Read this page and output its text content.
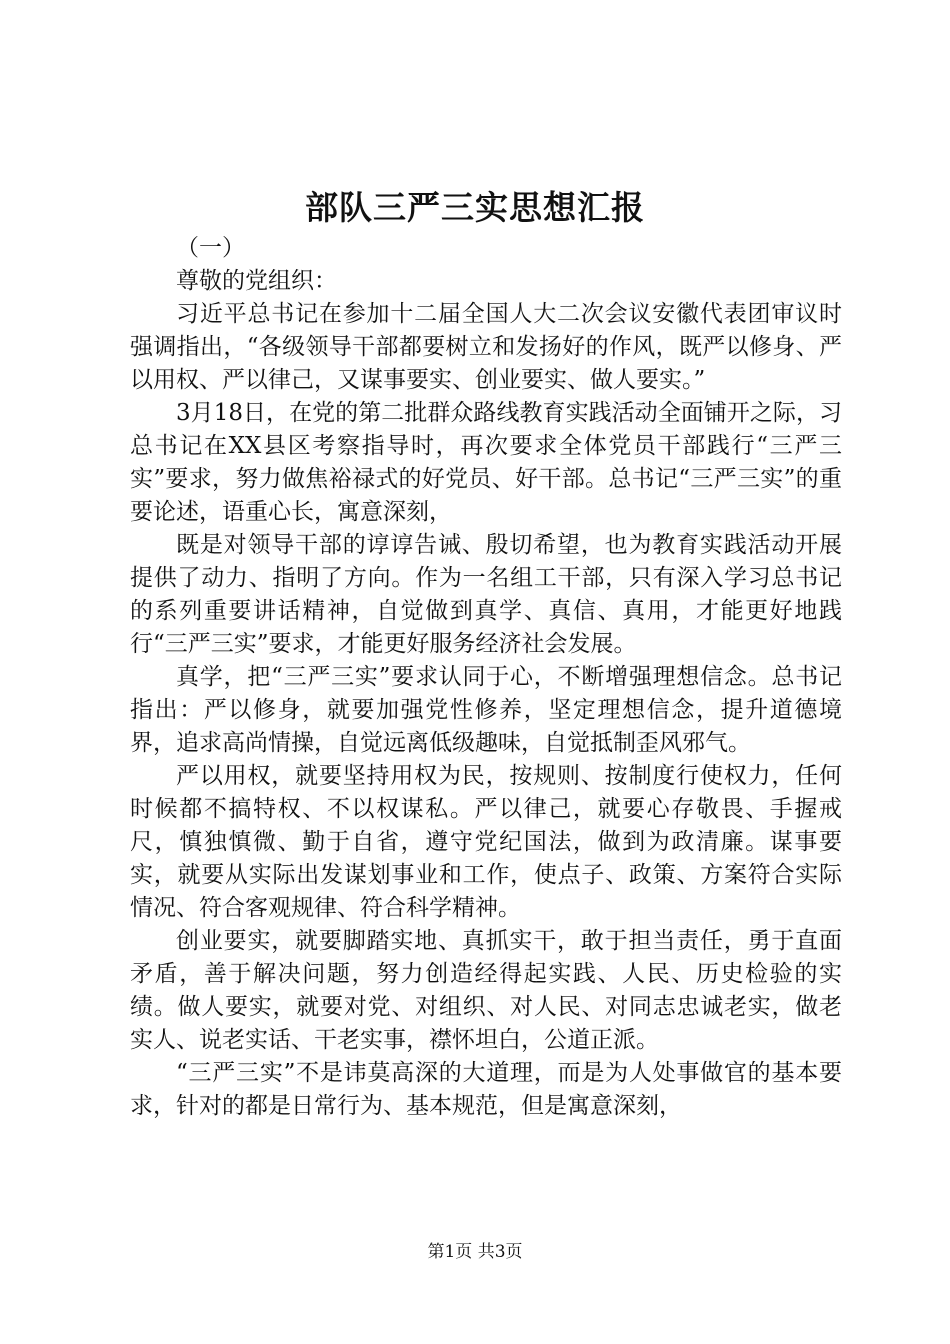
部队三严三实思想汇报

（一）

尊敬的党组织：

习近平总书记在参加十二届全国人大二次会议安徽代表团审议时强调指出，“各级领导干部都要树立和发扬好的作风，既严以修身、严以用权、严以律己，又谋事要实、创业要实、做人要实。”

3月18日，在党的第二批群众路线教育实践活动全面铺开之际，习总书记在XX县区考察指导时，再次要求全体党员干部践行“三严三实”要求，努力做焦裕禄式的好党员、好干部。总书记“三严三实”的重要论述，语重心长，寓意深刻，

既是对领导干部的谆谆告诫、殷切希望，也为教育实践活动开展提供了动力、指明了方向。作为一名组工干部，只有深入学习总书记的系列重要讲话精神，自觉做到真学、真信、真用，才能更好地践行“三严三实”要求，才能更好服务经济社会发展。

真学，把“三严三实”要求认同于心，不断增强理想信念。总书记指出：严以修身，就要加强党性修养，坚定理想信念，提升道德境界，追求高尚情操，自觉远离低级趣味，自觉抵制歪风邪气。

严以用权，就要坚持用权为民，按规则、按制度行使权力，任何时候都不搞特权、不以权谋私。严以律己，就要心存敬畏、手握戒尺，慎独慎微、勤于自省，遵守党纪国法，做到为政清廉。谋事要实，就要从实际出发谋划事业和工作，使点子、政策、方案符合实际情况、符合客观规律、符合科学精神。

创业要实，就要脚踏实地、真抓实干，敢于担当责任，勇于直面矛盾，善于解决问题，努力创造经得起实践、人民、历史检验的实绩。做人要实，就要对党、对组织、对人民、对同志忠诚老实，做老实人、说老实话、干老实事，襟怀坦白，公道正派。

“三严三实”不是讳莫高深的大道理，而是为人处事做官的基本要求，针对的都是日常行为、基本规范，但是寓意深刻，

第1页 共3页
